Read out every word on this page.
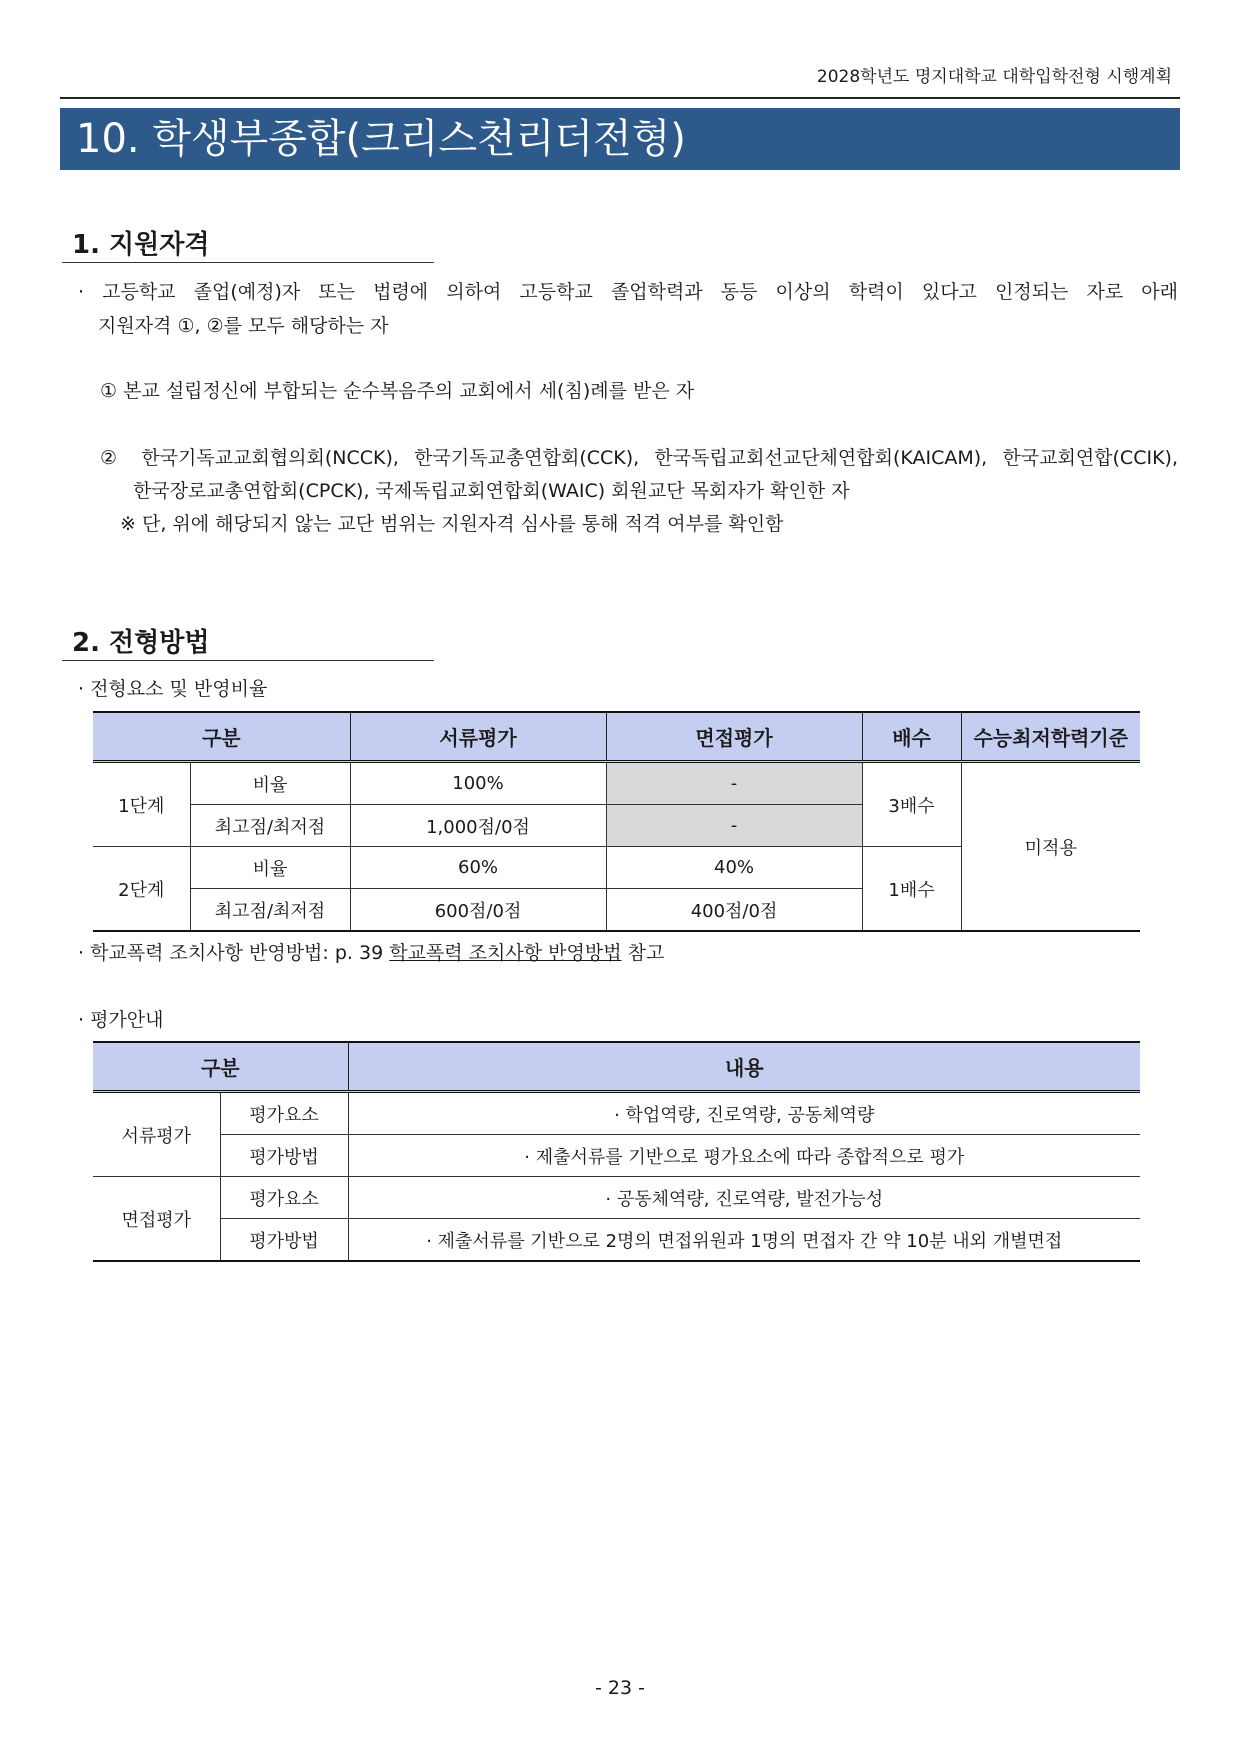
2028학년도 명지대학교 대학입학전형 시행계획
10. 학생부종합(크리스천리더전형)
1. 지원자격
· 고등학교 졸업(예정)자 또는 법령에 의하여 고등학교 졸업학력과 동등 이상의 학력이 있다고 인정되는 자로 아래
지원자격 ①, ②를 모두 해당하는 자
① 본교 설립정신에 부합되는 순수복음주의 교회에서 세(침)례를 받은 자
② 한국기독교교회협의회(NCCK), 한국기독교총연합회(CCK), 한국독립교회선교단체연합회(KAICAM), 한국교회연합(CCIK),
한국장로교총연합회(CPCK), 국제독립교회연합회(WAIC) 회원교단 목회자가 확인한 자
※ 단, 위에 해당되지 않는 교단 범위는 지원자격 심사를 통해 적격 여부를 확인함
2. 전형방법
· 전형요소 및 반영비율
구분		서류평가	면접평가	배수	수능최저학력기준
1단계	비율	100%	-	3배수	미적용
	최고점/최저점	1,000점/0점	-		
2단계	비율	60%	40%	1배수	
	최고점/최저점	600점/0점	400점/0점		
· 학교폭력 조치사항 반영방법: p. 39 학교폭력 조치사항 반영방법 참고
· 평가안내
구분		내용
서류평가	평가요소	· 학업역량, 진로역량, 공동체역량
	평가방법	· 제출서류를 기반으로 평가요소에 따라 종합적으로 평가
면접평가	평가요소	· 공동체역량, 진로역량, 발전가능성
	평가방법	· 제출서류를 기반으로 2명의 면접위원과 1명의 면접자 간 약 10분 내외 개별면접
- 23 -
